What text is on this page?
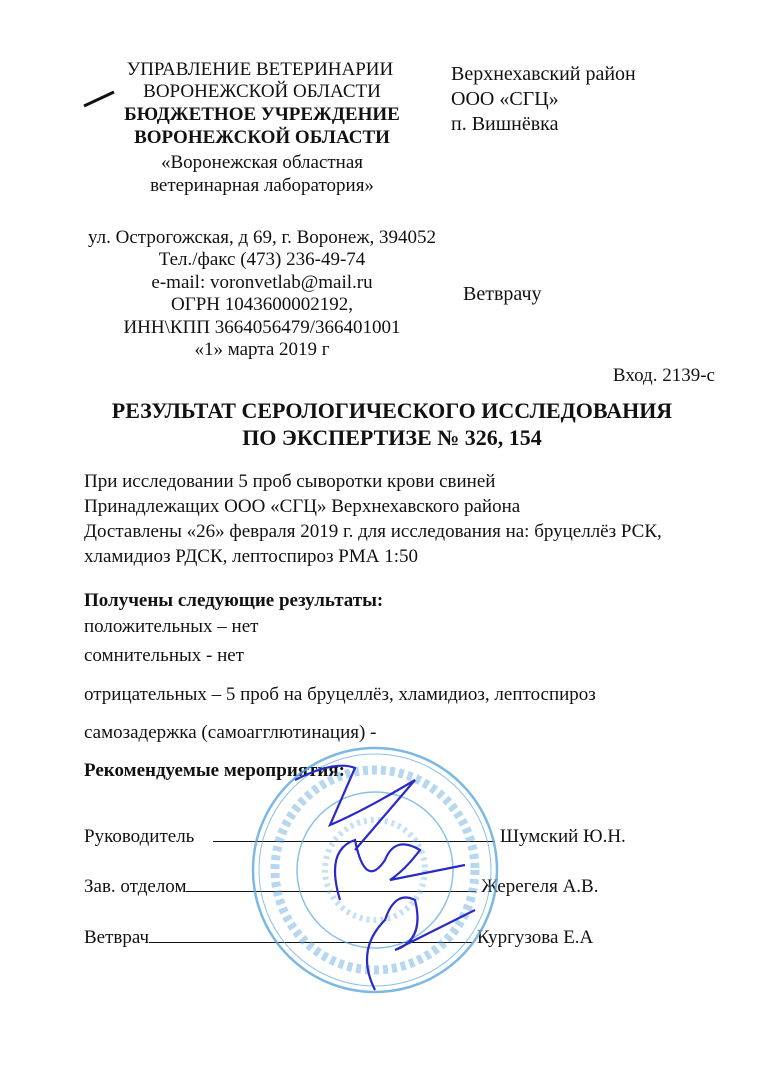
УПРАВЛЕНИЕ ВЕТЕРИНАРИИ
ВОРОНЕЖСКОЙ ОБЛАСТИ
БЮДЖЕТНОЕ УЧРЕЖДЕНИЕ
ВОРОНЕЖСКОЙ ОБЛАСТИ
«Воронежская областная
ветеринарная лаборатория»
ул. Острогожская, д 69, г. Воронеж, 394052
Тел./факс (473) 236-49-74
e-mail: voronvetlab@mail.ru
ОГРН 1043600002192,
ИНН\КПП 3664056479/366401001
«1» марта 2019 г
Верхнехавский район
ООО «СГЦ»
п. Вишнёвка
Ветврачу
Вход. 2139-с
РЕЗУЛЬТАТ СЕРОЛОГИЧЕСКОГО ИССЛЕДОВАНИЯ
ПО ЭКСПЕРТИЗЕ № 326, 154
При исследовании 5 проб сыворотки крови свиней
Принадлежащих ООО «СГЦ» Верхнехавского района
Доставлены «26» февраля 2019 г. для исследования на: бруцеллёз РСК,
хламидиоз РДСК, лептоспироз РМА 1:50
Получены следующие результаты:
положительных – нет
сомнительных - нет
отрицательных – 5 проб на бруцеллёз, хламидиоз, лептоспироз
самозадержка (самоагглютинация) -
Рекомендуемые мероприятия:
Руководитель	Шумский Ю.Н.
Зав. отделом	Жерегеля А.В.
Ветврач	Кургузова Е.А
